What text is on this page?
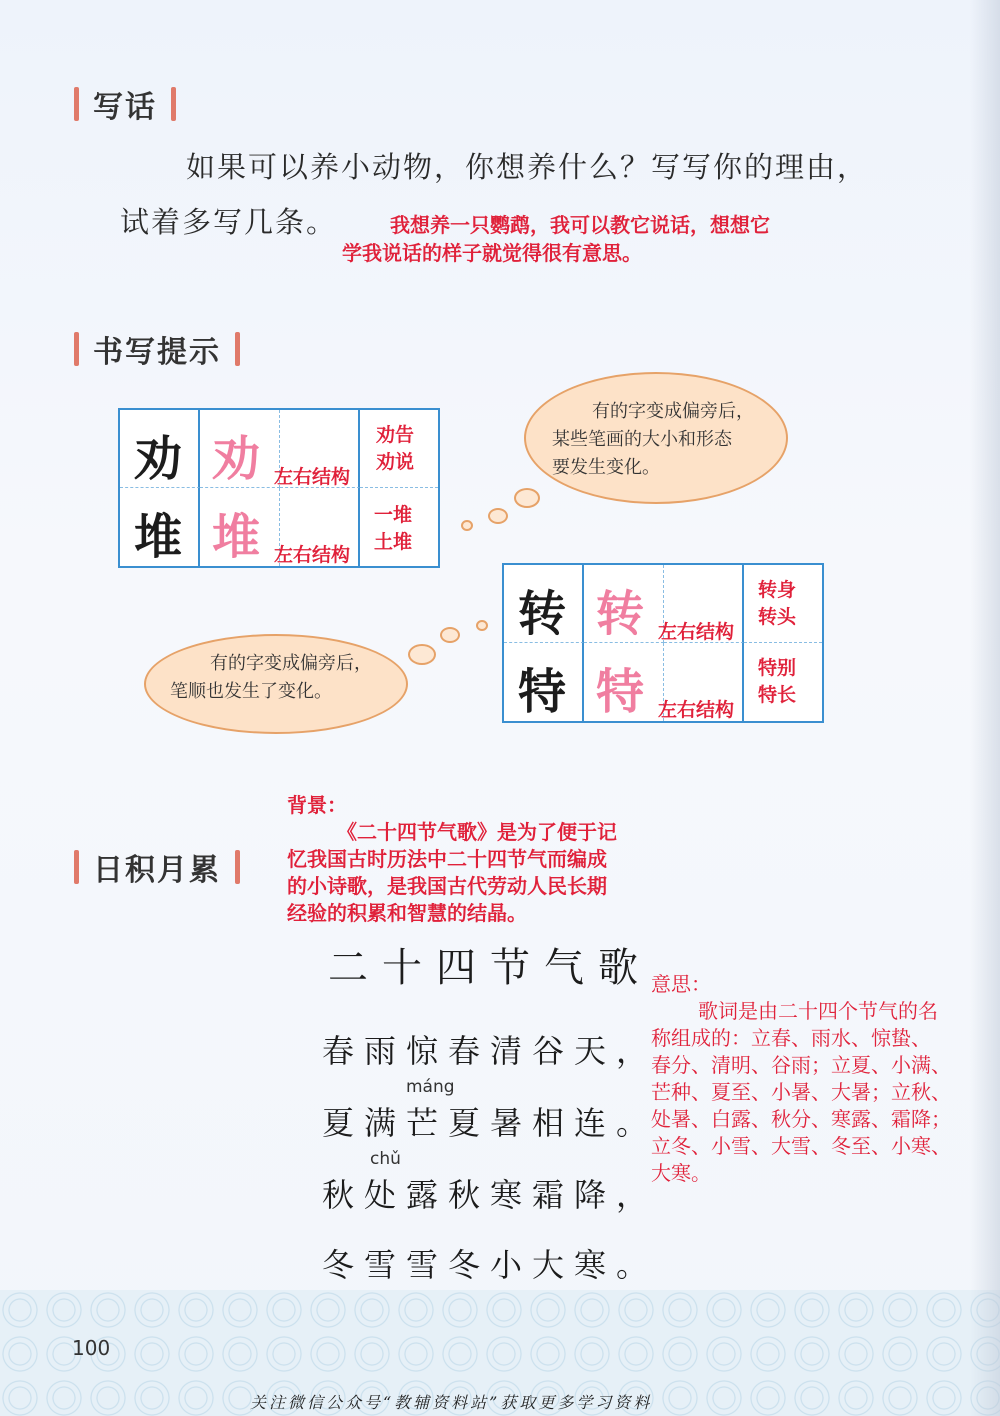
写话
如果可以养小动物，你想养什么？写写你的理由，
试着多写几条。	我想养一只鹦鹉，我可以教它说话，想想它
学我说话的样子就觉得很有意思。
书写提示
劝 劝 左右结构
劝告
劝说
堆 堆 左右结构
一堆
土堆
有的字变成偏旁后，
某些笔画的大小和形态
要发生变化。
转 转 左右结构
转身
转头
特 特 左右结构
特别
特长
有的字变成偏旁后，
笔顺也发生了变化。
背景：
《二十四节气歌》是为了便于记
忆我国古时历法中二十四节气而编成
的小诗歌，是我国古代劳动人民长期
经验的积累和智慧的结晶。
日积月累
二十四节气歌
春雨惊春清谷天，
máng
夏满芒夏暑相连。
chǔ
秋处露秋寒霜降，
冬雪雪冬小大寒。
意思：
歌词是由二十四个节气的名
称组成的：立春、雨水、惊蛰、
春分、清明、谷雨；立夏、小满、
芒种、夏至、小暑、大暑；立秋、
处暑、白露、秋分、寒露、霜降；
立冬、小雪、大雪、冬至、小寒、
大寒。
100
关注微信公众号“教辅资料站”获取更多学习资料
